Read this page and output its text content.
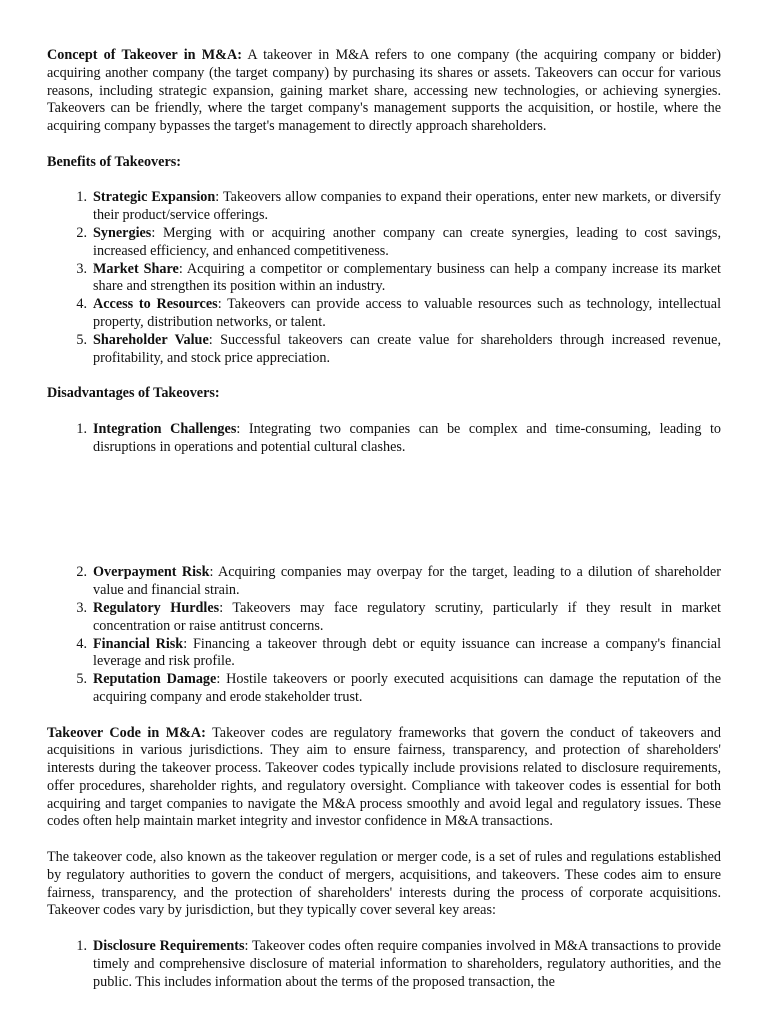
Concept of Takeover in M&A: A takeover in M&A refers to one company (the acquiring company or bidder) acquiring another company (the target company) by purchasing its shares or assets. Takeovers can occur for various reasons, including strategic expansion, gaining market share, accessing new technologies, or achieving synergies. Takeovers can be friendly, where the target company's management supports the acquisition, or hostile, where the acquiring company bypasses the target's management to directly approach shareholders.

Benefits of Takeovers:

1. Strategic Expansion: Takeovers allow companies to expand their operations, enter new markets, or diversify their product/service offerings.
2. Synergies: Merging with or acquiring another company can create synergies, leading to cost savings, increased efficiency, and enhanced competitiveness.
3. Market Share: Acquiring a competitor or complementary business can help a company increase its market share and strengthen its position within an industry.
4. Access to Resources: Takeovers can provide access to valuable resources such as technology, intellectual property, distribution networks, or talent.
5. Shareholder Value: Successful takeovers can create value for shareholders through increased revenue, profitability, and stock price appreciation.

Disadvantages of Takeovers:

1. Integration Challenges: Integrating two companies can be complex and time-consuming, leading to disruptions in operations and potential cultural clashes.
2. Overpayment Risk: Acquiring companies may overpay for the target, leading to a dilution of shareholder value and financial strain.
3. Regulatory Hurdles: Takeovers may face regulatory scrutiny, particularly if they result in market concentration or raise antitrust concerns.
4. Financial Risk: Financing a takeover through debt or equity issuance can increase a company's financial leverage and risk profile.
5. Reputation Damage: Hostile takeovers or poorly executed acquisitions can damage the reputation of the acquiring company and erode stakeholder trust.

Takeover Code in M&A: Takeover codes are regulatory frameworks that govern the conduct of takeovers and acquisitions in various jurisdictions. They aim to ensure fairness, transparency, and protection of shareholders' interests during the takeover process. Takeover codes typically include provisions related to disclosure requirements, offer procedures, shareholder rights, and regulatory oversight. Compliance with takeover codes is essential for both acquiring and target companies to navigate the M&A process smoothly and avoid legal and regulatory issues. These codes often help maintain market integrity and investor confidence in M&A transactions.

The takeover code, also known as the takeover regulation or merger code, is a set of rules and regulations established by regulatory authorities to govern the conduct of mergers, acquisitions, and takeovers. These codes aim to ensure fairness, transparency, and the protection of shareholders' interests during the process of corporate acquisitions. Takeover codes vary by jurisdiction, but they typically cover several key areas:

1. Disclosure Requirements: Takeover codes often require companies involved in M&A transactions to provide timely and comprehensive disclosure of material information to shareholders, regulatory authorities, and the public. This includes information about the terms of the proposed transaction, the
